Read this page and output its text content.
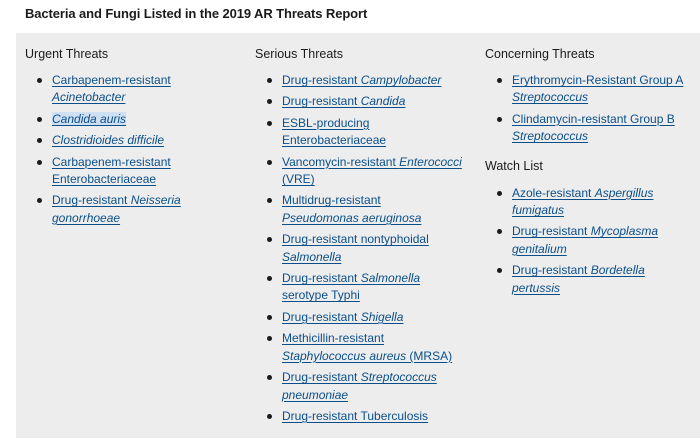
Bacteria and Fungi Listed in the 2019 AR Threats Report
Urgent Threats
Carbapenem-resistant
Acinetobacter
Candida auris
Clostridioides difficile
Carbapenem-resistant
Enterobacteriaceae
Drug-resistant Neisseria
gonorrhoeae
Serious Threats
Drug-resistant Campylobacter
Drug-resistant Candida
ESBL-producing
Enterobacteriaceae
Vancomycin-resistant Enterococci
(VRE)
Multidrug-resistant
Pseudomonas aeruginosa
Drug-resistant nontyphoidal
Salmonella
Drug-resistant Salmonella
serotype Typhi
Drug-resistant Shigella
Methicillin-resistant
Staphylococcus aureus (MRSA)
Drug-resistant Streptococcus
pneumoniae
Drug-resistant Tuberculosis
Concerning Threats
Erythromycin-Resistant Group A
Streptococcus
Clindamycin-resistant Group B
Streptococcus
Watch List
Azole-resistant Aspergillus
fumigatus
Drug-resistant Mycoplasma
genitalium
Drug-resistant Bordetella
pertussis
